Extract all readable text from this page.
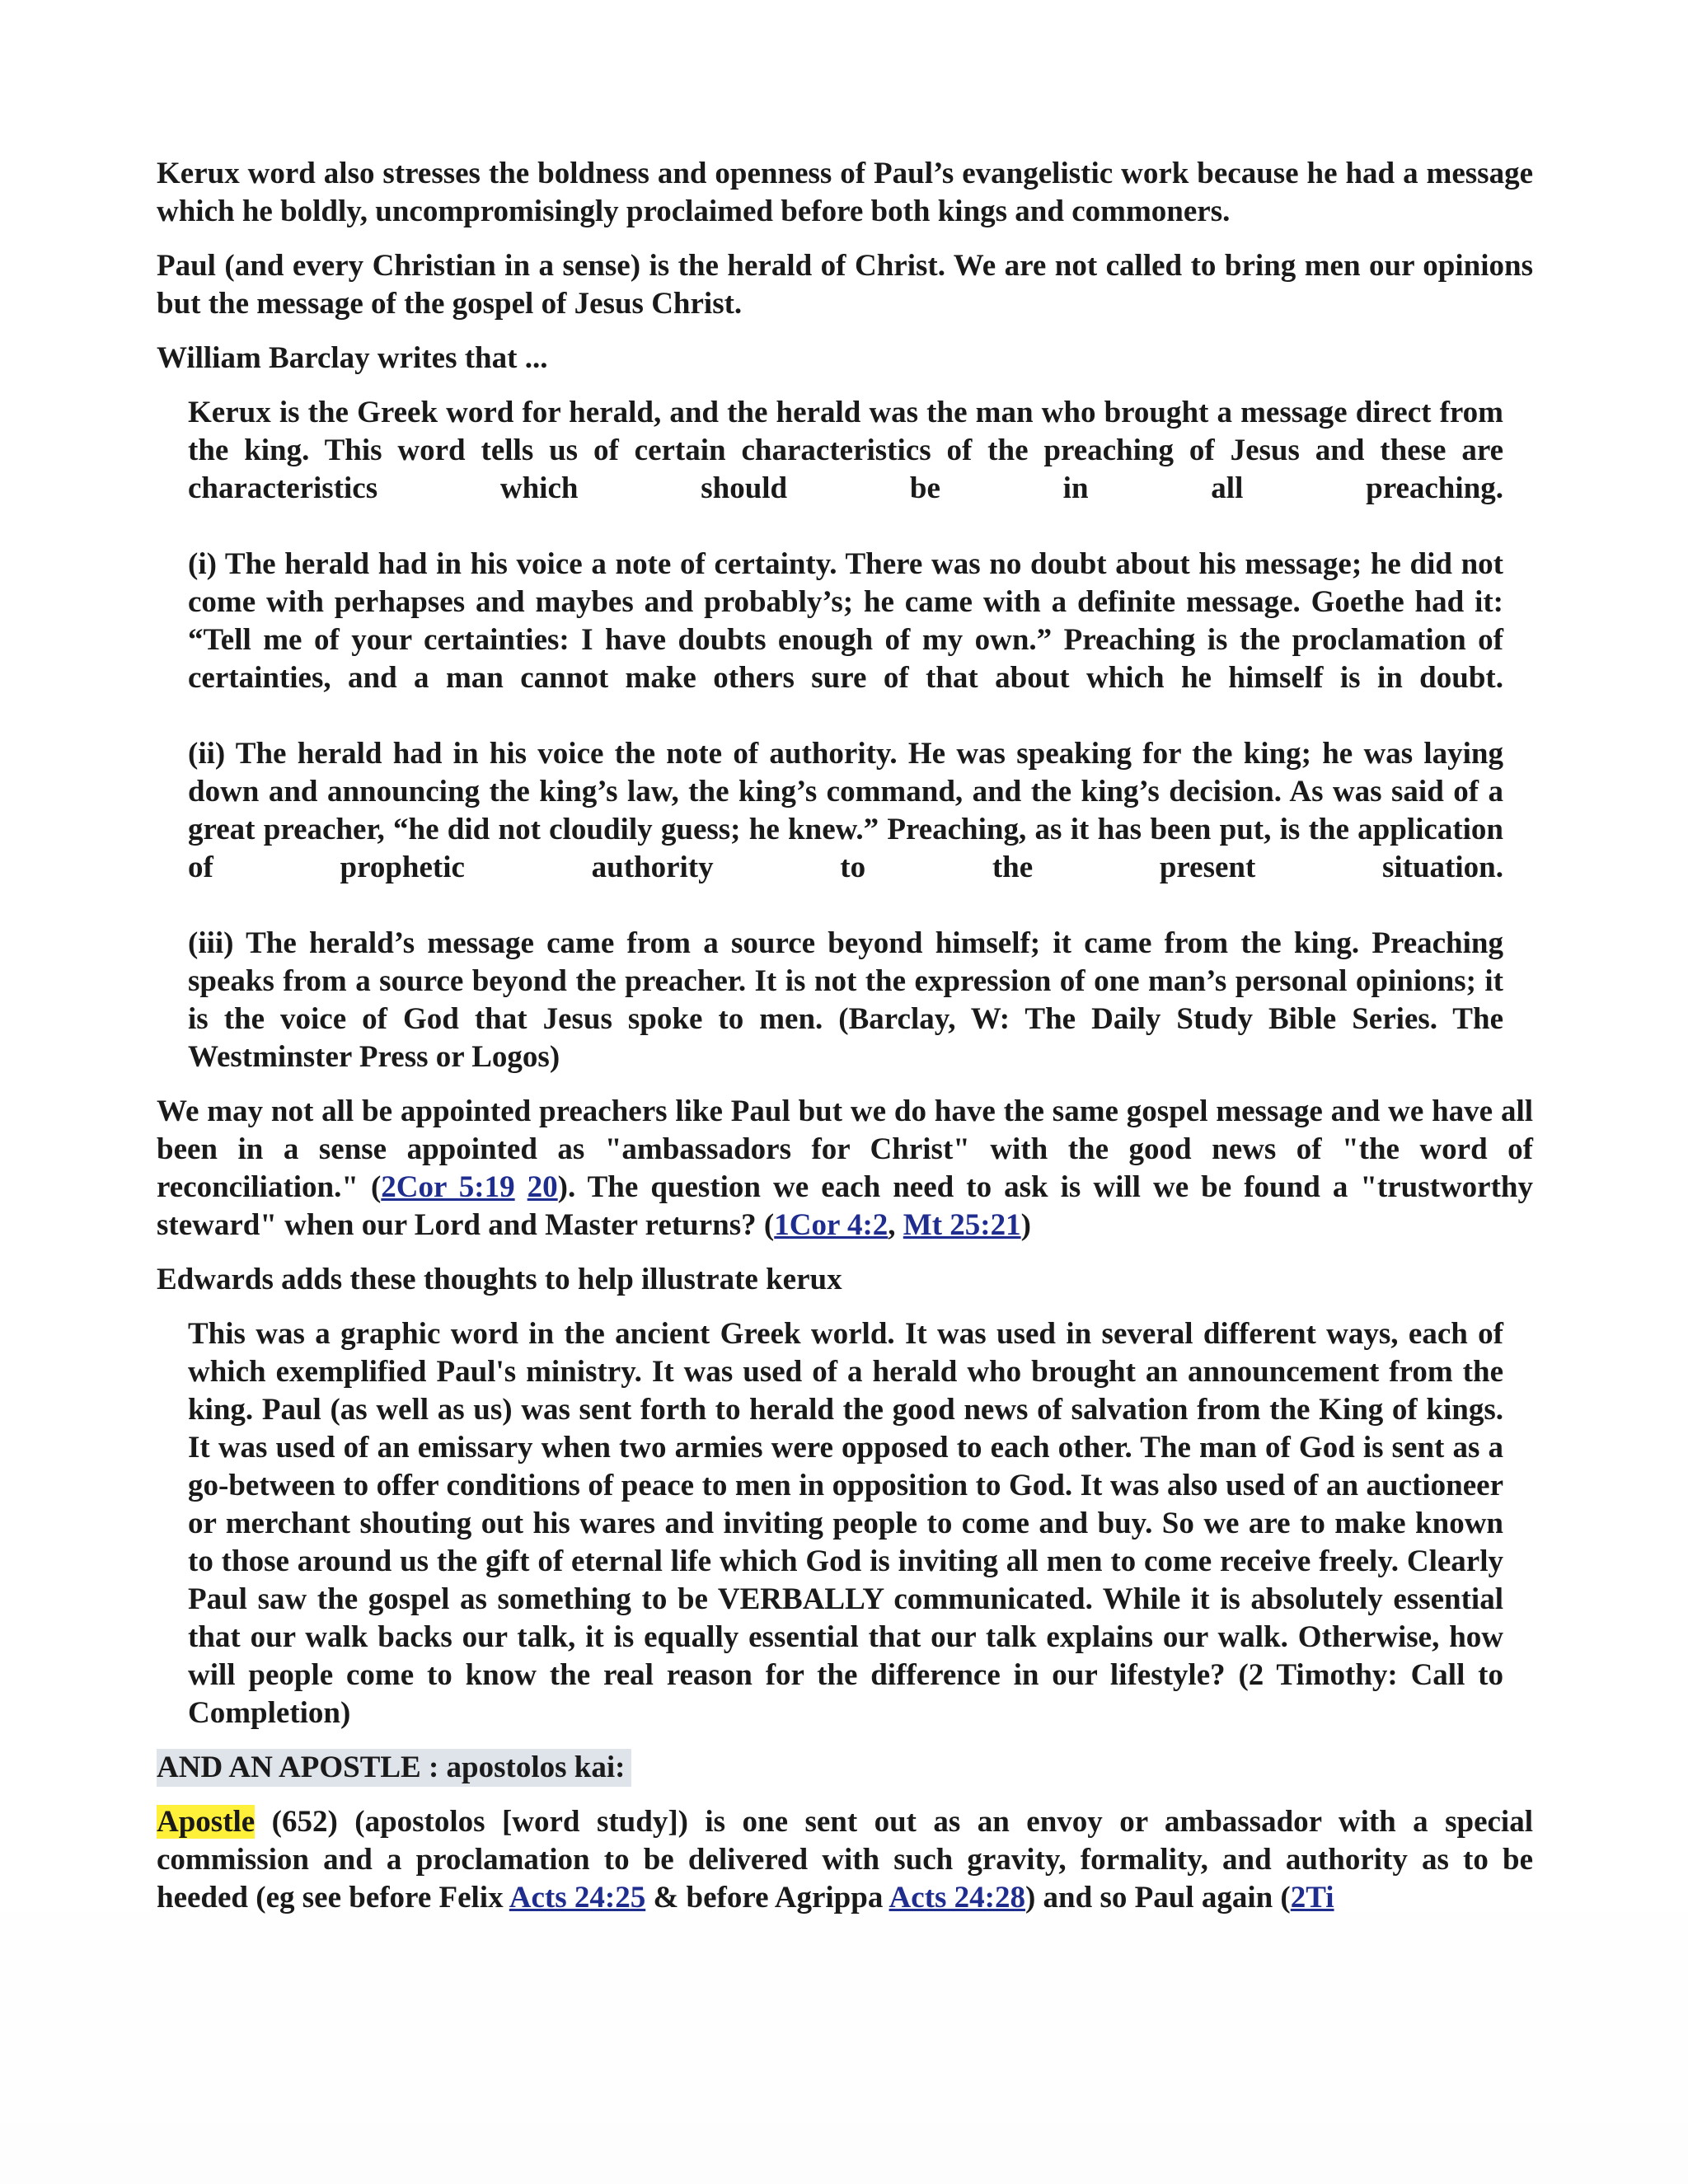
Kerux word also stresses the boldness and openness of Paul’s evangelistic work because he had a message which he boldly, uncompromisingly proclaimed before both kings and commoners.

Paul (and every Christian in a sense) is the herald of Christ. We are not called to bring men our opinions but the message of the gospel of Jesus Christ.

William Barclay writes that ...

Kerux is the Greek word for herald, and the herald was the man who brought a message direct from the king. This word tells us of certain characteristics of the preaching of Jesus and these are characteristics which should be in all preaching.

(i) The herald had in his voice a note of certainty. There was no doubt about his message; he did not come with perhapses and maybes and probably’s; he came with a definite message. Goethe had it: “Tell me of your certainties: I have doubts enough of my own.” Preaching is the proclamation of certainties, and a man cannot make others sure of that about which he himself is in doubt.

(ii) The herald had in his voice the note of authority. He was speaking for the king; he was laying down and announcing the king’s law, the king’s command, and the king’s decision. As was said of a great preacher, “he did not cloudily guess; he knew.” Preaching, as it has been put, is the application of prophetic authority to the present situation.

(iii) The herald’s message came from a source beyond himself; it came from the king. Preaching speaks from a source beyond the preacher. It is not the expression of one man’s personal opinions; it is the voice of God that Jesus spoke to men. (Barclay, W: The Daily Study Bible Series. The Westminster Press or Logos)

We may not all be appointed preachers like Paul but we do have the same gospel message and we have all been in a sense appointed as "ambassadors for Christ" with the good news of "the word of reconciliation." (2Cor 5:19 20). The question we each need to ask is will we be found a "trustworthy steward" when our Lord and Master returns? (1Cor 4:2, Mt 25:21)

Edwards adds these thoughts to help illustrate kerux

This was a graphic word in the ancient Greek world. It was used in several different ways, each of which exemplified Paul's ministry. It was used of a herald who brought an announcement from the king. Paul (as well as us) was sent forth to herald the good news of salvation from the King of kings. It was used of an emissary when two armies were opposed to each other. The man of God is sent as a go-between to offer conditions of peace to men in opposition to God. It was also used of an auctioneer or merchant shouting out his wares and inviting people to come and buy. So we are to make known to those around us the gift of eternal life which God is inviting all men to come receive freely. Clearly Paul saw the gospel as something to be VERBALLY communicated. While it is absolutely essential that our walk backs our talk, it is equally essential that our talk explains our walk. Otherwise, how will people come to know the real reason for the difference in our lifestyle? (2 Timothy: Call to Completion)

AND AN APOSTLE : apostolos kai:

Apostle (652) (apostolos [word study]) is one sent out as an envoy or ambassador with a special commission and a proclamation to be delivered with such gravity, formality, and authority as to be heeded (eg see before Felix Acts 24:25 & before Agrippa Acts 24:28) and so Paul again (2Ti
